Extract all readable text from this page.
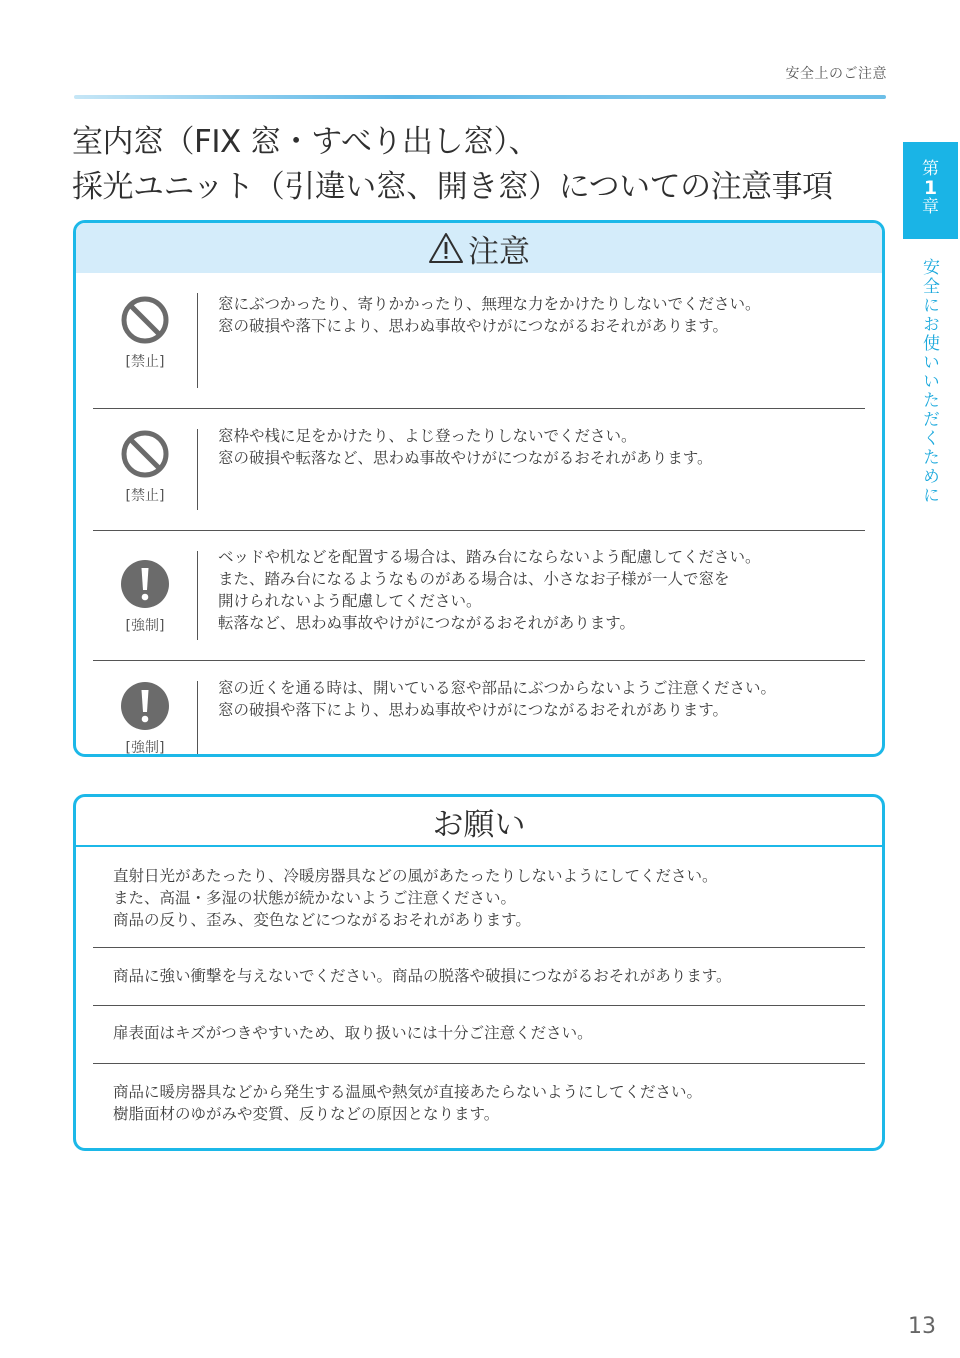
安全上のご注意
室内窓（FIX 窓・すべり出し窓）、
採光ユニット（引違い窓、開き窓）についての注意事項	第
1
章
安全にお使いいただくために
注意
[禁止]

窓にぶつかったり、寄りかかったり、無理な力をかけたりしないでください。

窓の破損や落下により、思わぬ事故やけがにつながるおそれがあります。

[禁止]

窓枠や桟に足をかけたり、よじ登ったりしないでください。

窓の破損や転落など、思わぬ事故やけがにつながるおそれがあります。

[強制]

ベッドや机などを配置する場合は、踏み台にならないよう配慮してください。

また、踏み台になるようなものがある場合は、小さなお子様が一人で窓を

開けられないよう配慮してください。

転落など、思わぬ事故やけがにつながるおそれがあります。

[強制]

窓の近くを通る時は、開いている窓や部品にぶつからないようご注意ください。

窓の破損や落下により、思わぬ事故やけがにつながるおそれがあります。

お願い

直射日光があたったり、冷暖房器具などの風があたったりしないようにしてください。

また、高温・多湿の状態が続かないようご注意ください。

商品の反り、歪み、変色などにつながるおそれがあります。

商品に強い衝撃を与えないでください。商品の脱落や破損につながるおそれがあります。

扉表面はキズがつきやすいため、取り扱いには十分ご注意ください。

商品に暖房器具などから発生する温風や熱気が直接あたらないようにしてください。

樹脂面材のゆがみや変質、反りなどの原因となります。

13
